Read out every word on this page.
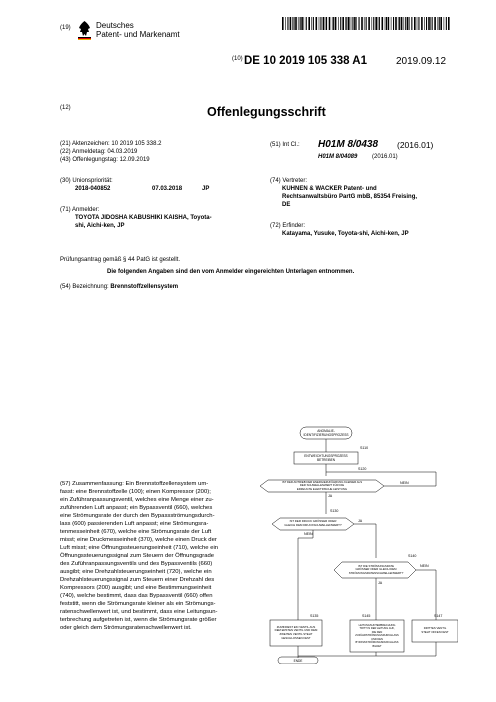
(19)	Deutsches
Patent- und Markenamt
(10) DE 10 2019 105 338 A1	2019.09.12
(12)	Offenlegungsschrift
(21) Aktenzeichen: 10 2019 105 338.2
(22) Anmeldetag: 04.03.2019
(43) Offenlegungstag: 12.09.2019
(30) Unionspriorität:
2018-040852	07.03.2018	JP
(71) Anmelder:
TOYOTA JIDOSHA KABUSHIKI KAISHA, Toyota-
shi, Aichi-ken, JP
(51) Int Cl.: H01M 8/0438 (2016.01)
H01M 8/04089 (2016.01)
(74) Vertreter:
KUHNEN & WACKER Patent- und
Rechtsanwaltsbüro PartG mbB, 85354 Freising,
DE
(72) Erfinder:
Katayama, Yusuke, Toyota-shi, Aichi-ken, JP
Prüfungsantrag gemäß § 44 PatG ist gestellt.
Die folgenden Angaben sind den vom Anmelder eingereichten Unterlagen entnommen.
(54) Bezeichnung: Brennstoffzellensystem
(57) Zusammenfassung: Ein Brennstoffzellensystem um-
fasst: eine Brennstoffzelle (100); einen Kompressor (200);
ein Zuführanpassungsventil, welches eine Menge einer zu-
zuführenden Luft anpasst; ein Bypassventil (660), welches
eine Strömungsrate der durch den Bypassströmungsdurch-
lass (600) passierenden Luft anpasst; eine Strömungsra-
tenmesseinheit (670), welche eine Strömungsrate der Luft
misst; eine Druckmesseinheit (370), welche einen Druck der
Luft misst; eine Öffnungssteuerungseinheit (710), welche ein
Öffnungssteuerungssignal zum Steuern der Öffnungsgrade
des Zuführanpassungsventils und des Bypassventils (660)
ausgibt; eine Drehzahlsteuerungseinheit (720), welche ein
Drehzahlsteuerungssignal zum Steuern einer Drehzahl des
Kompressors (200) ausgibt; und eine Bestimmungseinheit
(740), welche bestimmt, dass das Bypassventil (660) offen
feststitt, wenn die Strömungsrate kleiner als ein Strömungs-
ratenschwellenwert ist, und bestimmt, dass eine Leitungsun-
terbrechung aufgetreten ist, wenn die Strömungsrate größer
oder gleich dem Strömungsratenschwellenwert ist.
ANOMALIE-
IDENTIFIZIERUNGSPROZESS
S110
ENTWEICHTUNGSPROZESS
BETREIBEN
S120
IST DER ANTRIEB DER ENERGIEZUFÜHRUNG KLEINER ALS
DER SCHWELLENWERT FÜR DIE
ERZEUGTE ELEKTRISCHE LEISTUNG
NEIN
JA
S130
IST DER DRUCK GRÖSSER ODER
GLEICH DEM DRUCKSCHWELLENWERT?
NEIN
JA
S140
IST DIE STRÖMUNGSRATE
GRÖSSER ODER GLEICH DEM
STRÖMUNGSRATENSCHWELLENWERT?
NEIN
JA
S135
ZUMINDEST EIN VENTIL AUS
DEM ERSTEN VENTIL UND DEM
ZWEITEN VENTIL STEHT
GESCHLOSSEN FEST
S145
LEITUNGSUNTERBRECHUNG
TRITT IN DER LEITUNG AUF,
DIE DEN
ZUFÜHRSTRÖMUNGSDURCHLASS
UND DEN
BYPASSSTRÖMUNGSDURCHLASS
BILDET
S147
DRITTES VENTIL
STEHT OFFEN FEST
ENDE
